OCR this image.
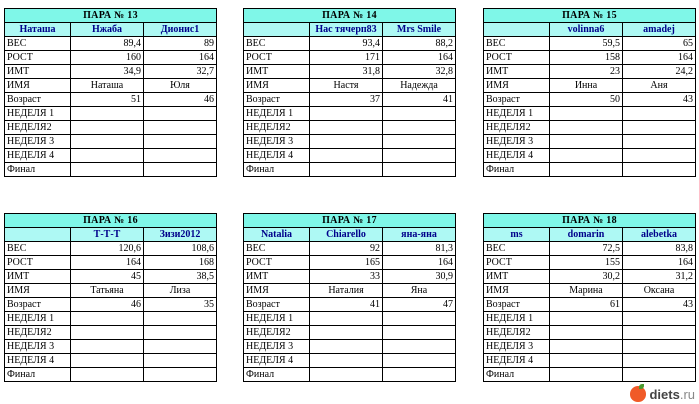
ПАРА № 13		
Наташа	Нжаба	Дионис1
ВЕС	89,4	89
РОСТ	160	164
ИМТ	34,9	32,7
ИМЯ	Наташа	Юля
Возраст	51	46
НЕДЕЛЯ 1		
НЕДЕЛЯ2		
НЕДЕЛЯ 3		
НЕДЕЛЯ 4		
Финал		
ПАРА № 14		
	Нас тячерп83	Mrs Smile
ВЕС	93,4	88,2
РОСТ	171	164
ИМТ	31,8	32,8
ИМЯ	Настя	Надежда
Возраст	37	41
НЕДЕЛЯ 1		
НЕДЕЛЯ2		
НЕДЕЛЯ 3		
НЕДЕЛЯ 4		
Финал		
ПАРА № 15		
	volinna6	amadej
ВЕС	59,5	65
РОСТ	158	164
ИМТ	23	24,2
ИМЯ	Инна	Аня
Возраст	50	43
НЕДЕЛЯ 1		
НЕДЕЛЯ2		
НЕДЕЛЯ 3		
НЕДЕЛЯ 4		
Финал		
ПАРА № 16		
	Т-Т-Т	Зизи2012
ВЕС	120,6	108,6
РОСТ	164	168
ИМТ	45	38,5
ИМЯ	Татьяна	Лиза
Возраст	46	35
НЕДЕЛЯ 1		
НЕДЕЛЯ2		
НЕДЕЛЯ 3		
НЕДЕЛЯ 4		
Финал		
ПАРА № 17		
Natalia	Chiarello	яна-яна
ВЕС	92	81,3
РОСТ	165	164
ИМТ	33	30,9
ИМЯ	Наталия	Яна
Возраст	41	47
НЕДЕЛЯ 1		
НЕДЕЛЯ2		
НЕДЕЛЯ 3		
НЕДЕЛЯ 4		
Финал		
ПАРА № 18		
ms	domarin	alebetka
ВЕС	72,5	83,8
РОСТ	155	164
ИМТ	30,2	31,2
ИМЯ	Марина	Оксана
Возраст	61	43
НЕДЕЛЯ 1		
НЕДЕЛЯ2		
НЕДЕЛЯ 3		
НЕДЕЛЯ 4		
Финал		
diets.ru
